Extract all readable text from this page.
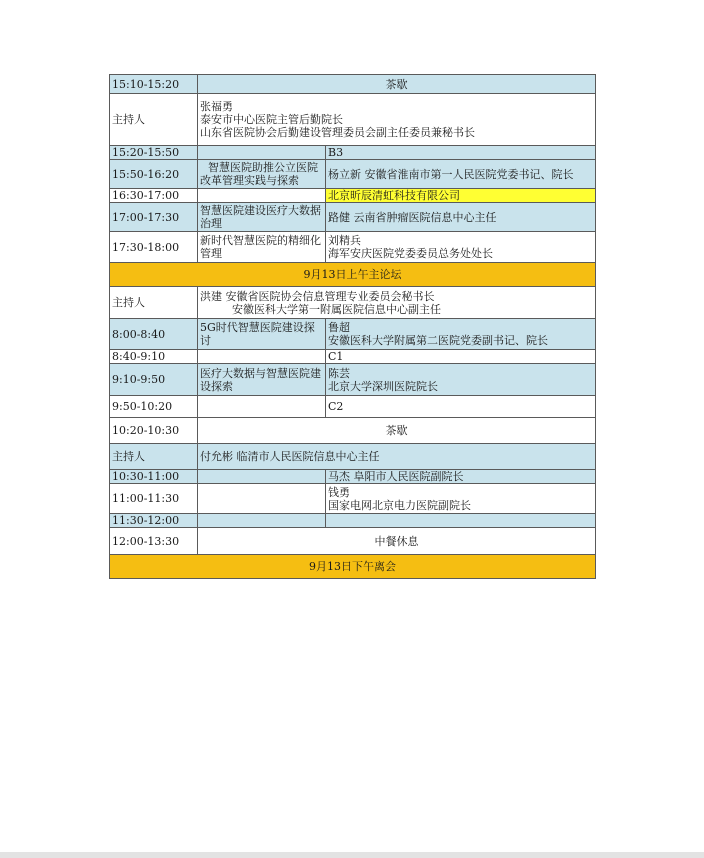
15:10-15:20	茶歇	
主持人	张福勇
泰安市中心医院主管后勤院长
山东省医院协会后勤建设管理委员会副主任委员兼秘书长	

15:20-15:50		B3
15:50-16:20	智慧医院助推公立医院改革管理实践与探索	杨立新 安徽省淮南市第一人民医院党委书记、院长
16:30-17:00		北京昕辰清虹科技有限公司
17:00-17:30	智慧医院建设医疗大数据治理	路健 云南省肿瘤医院信息中心主任
17:30-18:00	新时代智慧医院的精细化管理	刘精兵
海军安庆医院党委委员总务处处长

9月13日上午主论坛		
主持人	洪建 安徽省医院协会信息管理专业委员会秘书长
安徽医科大学第一附属医院信息中心副主任	

8:00-8:40	5G时代智慧医院建设探讨	鲁超
安徽医科大学附属第二医院党委副书记、院长

8:40-9:10		C1
9:10-9:50	医疗大数据与智慧医院建设探索	陈芸
北京大学深圳医院院长

9:50-10:20		C2
10:20-10:30	茶歇	
主持人	付允彬 临清市人民医院信息中心主任	
10:30-11:00		马杰 阜阳市人民医院副院长
11:00-11:30		钱勇
国家电网北京电力医院副院长

11:30-12:00		
12:00-13:30	中餐休息	
9月13日下午离会		
